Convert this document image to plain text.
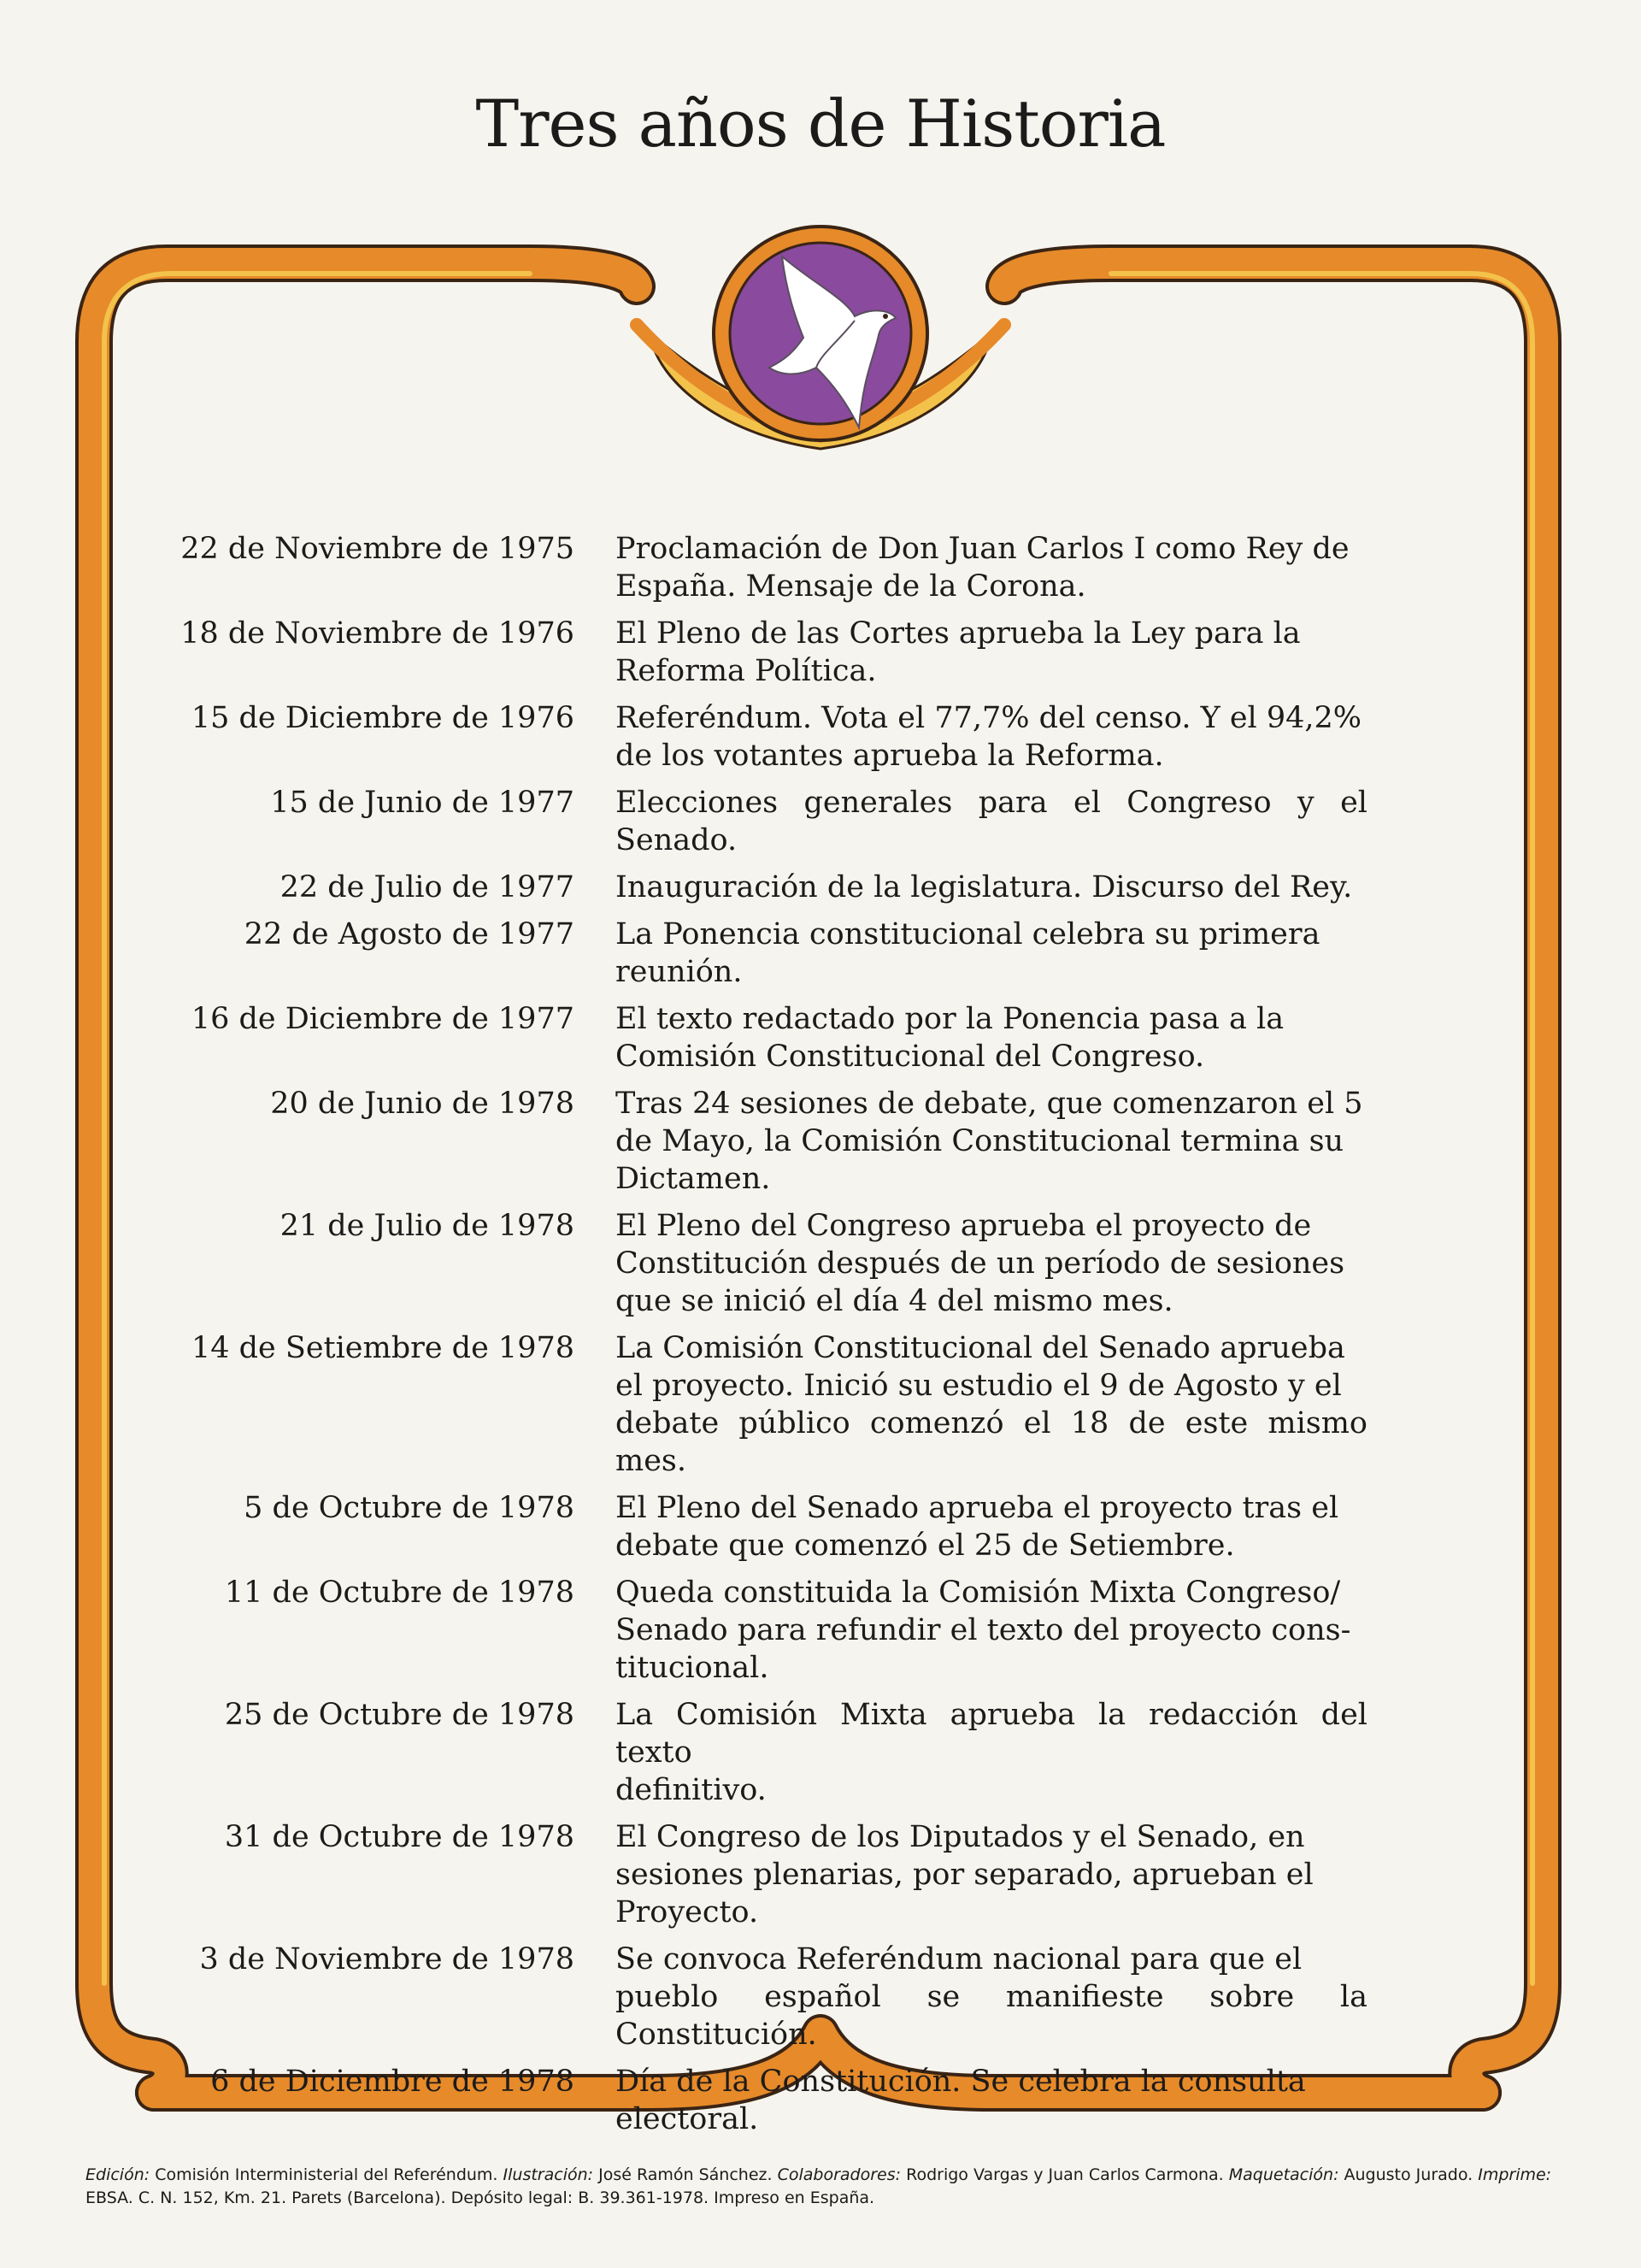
Tres años de Historia
22 de Noviembre de 1975	Proclamación de Don Juan Carlos I como Rey de
España. Mensaje de la Corona.
18 de Noviembre de 1976	El Pleno de las Cortes aprueba la Ley para la
Reforma Política.
15 de Diciembre de 1976	Referéndum. Vota el 77,7% del censo. Y el 94,2%
de los votantes aprueba la Reforma.
15 de Junio de 1977	Elecciones generales para el Congreso y el Senado.
22 de Julio de 1977	Inauguración de la legislatura. Discurso del Rey.
22 de Agosto de 1977	La Ponencia constitucional celebra su primera
reunión.
16 de Diciembre de 1977	El texto redactado por la Ponencia pasa a la
Comisión Constitucional del Congreso.
20 de Junio de 1978	Tras 24 sesiones de debate, que comenzaron el 5
de Mayo, la Comisión Constitucional termina su
Dictamen.
21 de Julio de 1978	El Pleno del Congreso aprueba el proyecto de
Constitución después de un período de sesiones
que se inició el día 4 del mismo mes.
14 de Setiembre de 1978	La Comisión Constitucional del Senado aprueba
el proyecto. Inició su estudio el 9 de Agosto y el
debate público comenzó el 18 de este mismo mes.
5 de Octubre de 1978	El Pleno del Senado aprueba el proyecto tras el
debate que comenzó el 25 de Setiembre.
11 de Octubre de 1978	Queda constituida la Comisión Mixta Congreso/
Senado para refundir el texto del proyecto cons-
titucional.
25 de Octubre de 1978	La Comisión Mixta aprueba la redacción del texto
definitivo.
31 de Octubre de 1978	El Congreso de los Diputados y el Senado, en
sesiones plenarias, por separado, aprueban el
Proyecto.
3 de Noviembre de 1978	Se convoca Referéndum nacional para que el
pueblo español se manifieste sobre la Constitución.
6 de Diciembre de 1978	Día de la Constitución. Se celebra la consulta
electoral.
Edición: Comisión Interministerial del Referéndum. Ilustración: José Ramón Sánchez. Colaboradores: Rodrigo Vargas y Juan Carlos Carmona. Maquetación: Augusto Jurado. Imprime: EBSA. C. N. 152, Km. 21. Parets (Barcelona). Depósito legal: B. 39.361-1978. Impreso en España.
